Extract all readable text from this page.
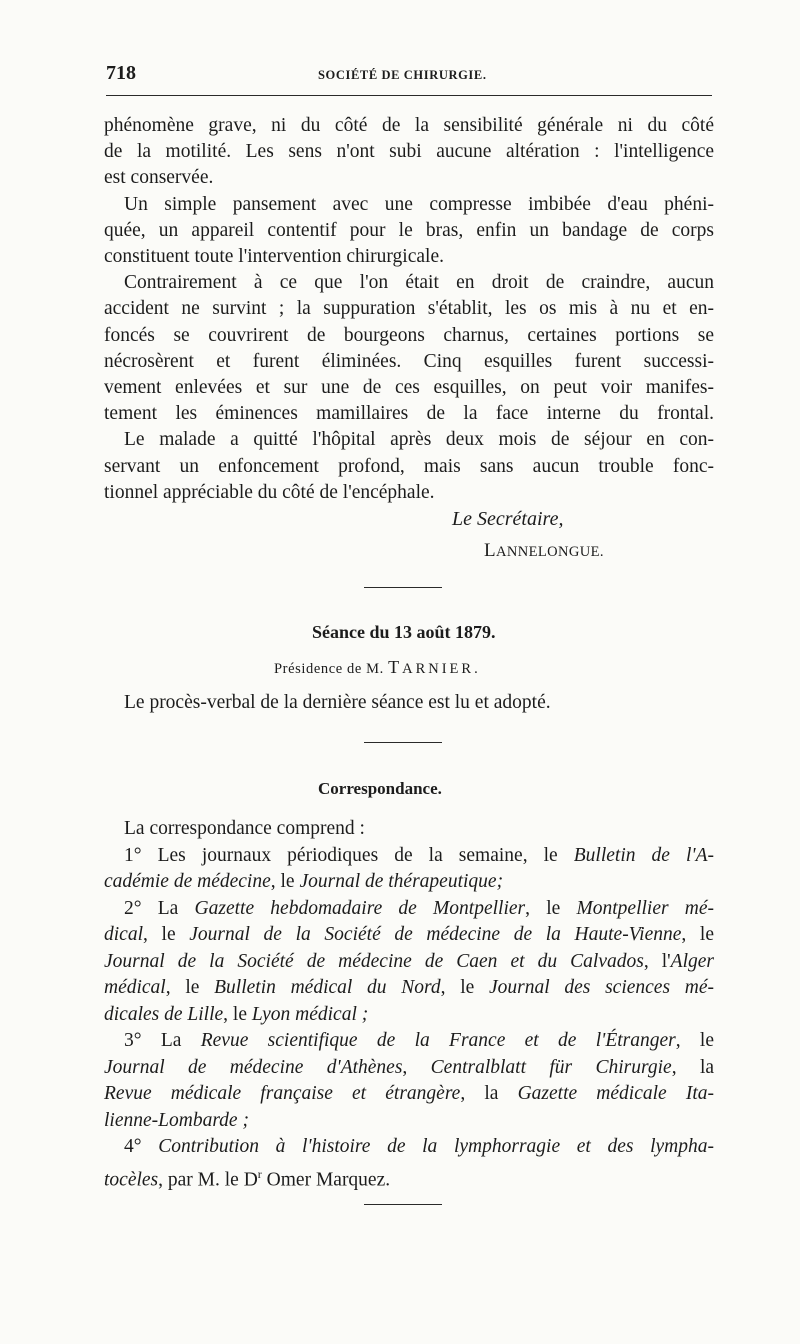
718	SOCIÉTÉ DE CHIRURGIE.

phénomène grave, ni du côté de la sensibilité générale ni du côté
de la motilité. Les sens n'ont subi aucune altération : l'intelligence
est conservée.

Un simple pansement avec une compresse imbibée d'eau phéni-
quée, un appareil contentif pour le bras, enfin un bandage de corps
constituent toute l'intervention chirurgicale.

Contrairement à ce que l'on était en droit de craindre, aucun
accident ne survint ; la suppuration s'établit, les os mis à nu et en-
foncés se couvrirent de bourgeons charnus, certaines portions se
nécrosèrent et furent éliminées. Cinq esquilles furent successi-
vement enlevées et sur une de ces esquilles, on peut voir manifes-
tement les éminences mamillaires de la face interne du frontal.

Le malade a quitté l'hôpital après deux mois de séjour en con-
servant un enfoncement profond, mais sans aucun trouble fonc-
tionnel appréciable du côté de l'encéphale.

Le Secrétaire,
LANNELONGUE.
Séance du 13 août 1879.
Présidence de M. TARNIER.
Le procès-verbal de la dernière séance est lu et adopté.
Correspondance.
La correspondance comprend :
1° Les journaux périodiques de la semaine, le Bulletin de l'A-
cadémie de médecine, le Journal de thérapeutique;
2° La Gazette hebdomadaire de Montpellier, le Montpellier mé-
dical, le Journal de la Société de médecine de la Haute-Vienne, le
Journal de la Société de médecine de Caen et du Calvados, l'Alger
médical, le Bulletin médical du Nord, le Journal des sciences mé-
dicales de Lille, le Lyon médical ;
3° La Revue scientifique de la France et de l'Étranger, le
Journal de médecine d'Athènes, Centralblatt für Chirurgie, la
Revue médicale française et étrangère, la Gazette médicale Ita-
lienne-Lombarde ;
4° Contribution à l'histoire de la lymphorragie et des lympha-
tocèles, par M. le $D^r$ Omer Marquez.
